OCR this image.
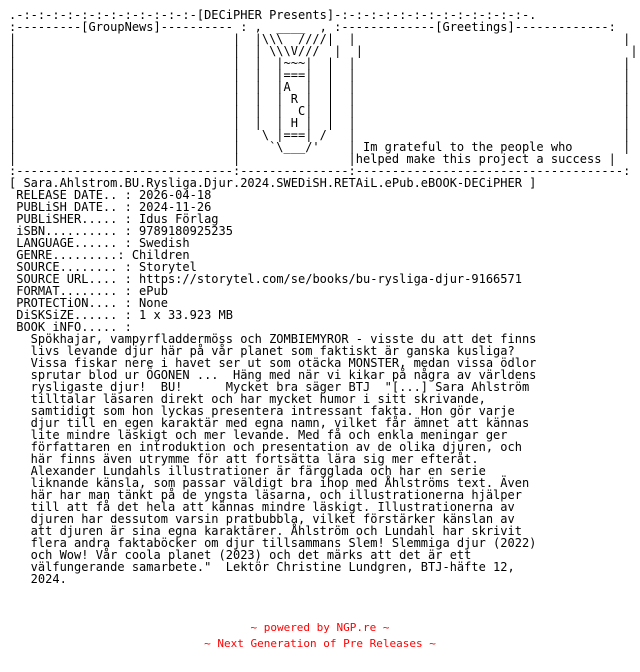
.-:-:-:-:-:-:-:-:-:-:-:-:-[DECiPHER Presents]-:-:-:-:-:-:-:-:-:-:-:-:-:-.
:---------[GroupNews]---------- : ,  ____  , :-------------[Greetings]-------------:
|                              |  |\\\  ////|  |                                     |
|                              |  | \\\V///  |  |                                     |
|                              |  |  |~~~|  |  |                                     |
|                              |  |  |===|  |  |                                     |
|                              |  |  |A  |  |  |                                     |
|                              |  |  | R |  |  |                                     |
|                              |  |  |  C|  |  |                                     |
|                              |  |  | H |  |  |                                     |
|                              |   \ |===| /   |                                     |
|                              |    `\___/'    | Im grateful to the people who       |
|                              |               |helped make this project a success |
:------------------------------:---------------:-------------------------------------:
[ Sara.Ahlstrom.BU.Rysliga.Djur.2024.SWEDiSH.RETAiL.ePub.eBOOK-DECiPHER ]
RELEASE DATE.. : 2026-04-18
PUBLiSH DATE.. : 2024-11-26
PUBLiSHER..... : Idus Förlag
iSBN.......... : 9789180925235
LANGUAGE...... : Swedish
GENRE.........: Children
SOURCE........ : Storytel
SOURCE URL.... : https://storytel.com/se/books/bu-rysliga-djur-9166571
FORMAT........ : ePub
PROTECTiON.... : None
DiSKSiZE...... : 1 x 33.923 MB
BOOK iNFO..... :
Spökhajar, vampyrfladdermöss och ZOMBIEMYROR - visste du att det finns
livs levande djur här på vår planet som faktiskt är ganska kusliga?
Vissa fiskar nere i havet ser ut som otäcka MONSTER, medan vissa ödlor
sprutar blod ur ÖGONEN ...  Häng med när vi kikar på några av världens
rysligaste djur!  BU!      Mycket bra säger BTJ  "[...] Sara Ahlström
tilltalar läsaren direkt och har mycket humor i sitt skrivande,
samtidigt som hon lyckas presentera intressant fakta. Hon gör varje
djur till en egen karaktär med egna namn, vilket får ämnet att kännas
lite mindre läskigt och mer levande. Med få och enkla meningar ger
författaren en introduktion och presentation av de olika djuren, och
här finns även utrymme för att fortsätta lära sig mer efteråt.
Alexander Lundahls illustrationer är färgglada och har en serie
liknande känsla, som passar väldigt bra ihop med Åhlströms text. Även
här har man tänkt på de yngsta läsarna, och illustrationerna hjälper
till att få det hela att kännas mindre läskigt. Illustrationerna av
djuren har dessutom varsin pratbubbla, vilket förstärker känslan av
att djuren är sina egna karaktärer. Åhlström och Lundahl har skrivit
flera andra faktaböcker om djur tillsammans Slem! Slemmiga djur (2022)
och Wow! Vår coola planet (2023) och det märks att det är ett
välfungerande samarbete."  Lektör Christine Lundgren, BTJ-häfte 12,
2024.

~ powered by NGP.re ~
~ Next Generation of Pre Releases ~
